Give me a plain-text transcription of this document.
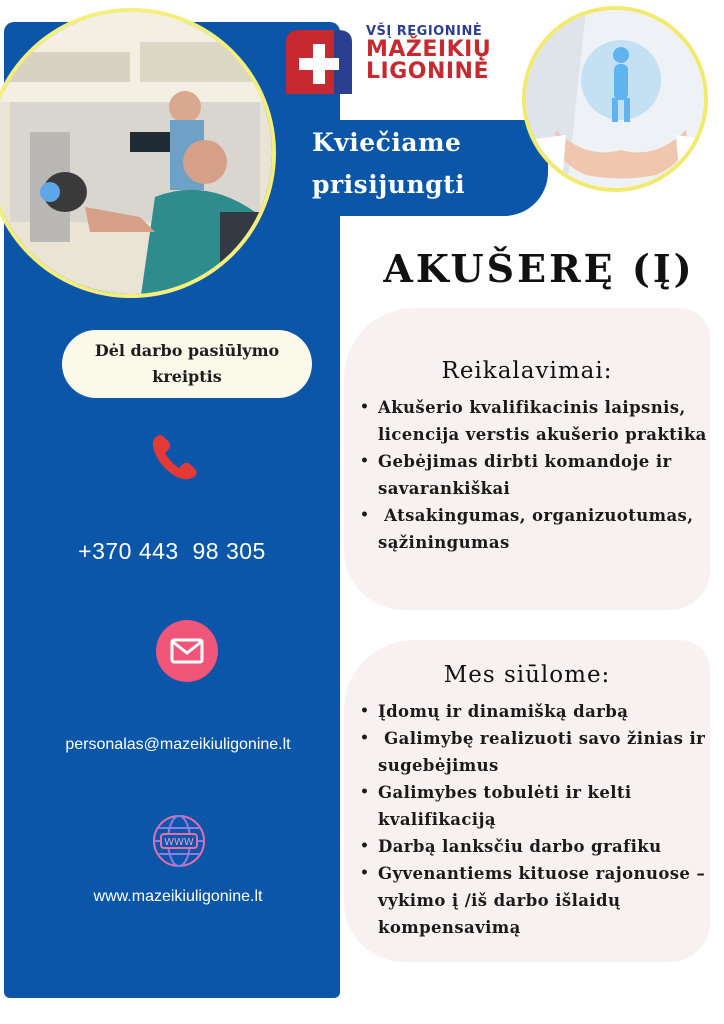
Kviečiame prisijungti
VŠĮ REGIONINĖ
MAŽEIKIŲ
LIGONINĖ
Dėl darbo pasiūlymo kreiptis
+370 443  98 305
personalas@mazeikiuligonine.lt
WWW
www.mazeikiuligonine.lt
AKUŠERĘ (Į)
Reikalavimai:
• Akušerio kvalifikacinis laipsnis, licencija verstis akušerio praktika
• Gebėjimas dirbti komandoje ir savarankiškai
•  Atsakingumas, organizuotumas, sąžiningumas
Mes siūlome:
• Įdomų ir dinamišką darbą
•  Galimybę realizuoti savo žinias ir sugebėjimus
• Galimybes tobulėti ir kelti kvalifikaciją
• Darbą lanksčiu darbo grafiku
• Gyvenantiems kituose rajonuose – vykimo į /iš darbo išlaidų kompensavimą
